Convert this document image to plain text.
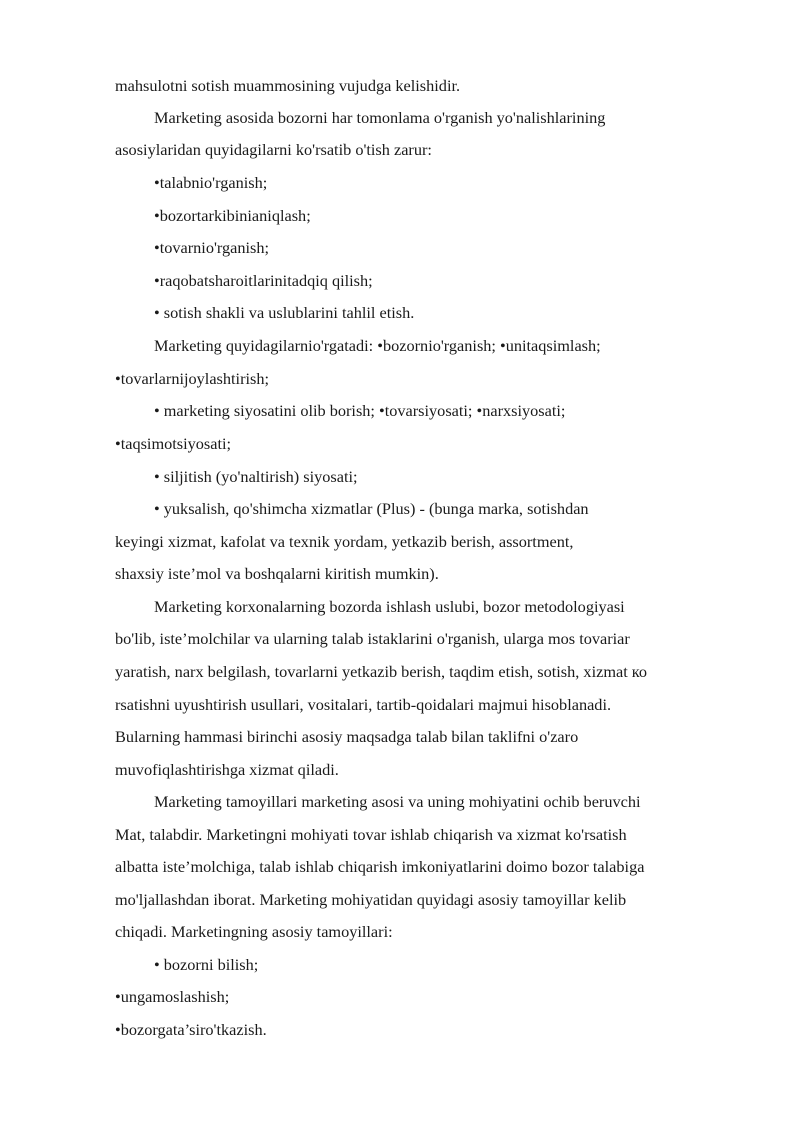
mahsulotni sotish muammosining vujudga kelishidir.
Marketing asosida bozorni har tomonlama o'rganish yo'nalishlarining
asosiylaridan quyidagilarni ko'rsatib o'tish zarur:
•talabnio'rganish;
•bozortarkibinianiqlash;
•tovarnio'rganish;
•raqobatsharoitlarinitadqiq qilish;
• sotish shakli va uslublarini tahlil etish.
Marketing quyidagilarnio'rgatadi: •bozornio'rganish; •unitaqsimlash;
•tovarlarnijoylashtirish;
• marketing siyosatini olib borish; •tovarsiyosati; •narxsiyosati;
•taqsimotsiyosati;
• siljitish (yo'naltirish) siyosati;
• yuksalish, qo'shimcha xizmatlar (Plus) - (bunga marka, sotishdan
keyingi xizmat, kafolat va texnik yordam, yetkazib berish, assortment,
shaxsiy iste’mol va boshqalarni kiritish mumkin).
Marketing korxonalarning bozorda ishlash uslubi, bozor metodologiyasi
bo'lib, iste’molchilar va ularning talab istaklarini o'rganish, ularga mos tovariar
yaratish, narx belgilash, tovarlarni yetkazib berish, taqdim etish, sotish, xizmat ко
rsatishni uyushtirish usullari, vositalari, tartib-qoidalari majmui hisoblanadi.
Bularning hammasi birinchi asosiy maqsadga talab bilan taklifni o'zaro
muvofiqlashtirishga xizmat qiladi.
Marketing tamoyillari marketing asosi va uning mohiyatini ochib beruvchi
Mat, talabdir. Marketingni mohiyati tovar ishlab chiqarish va xizmat ko'rsatish
albatta iste’molchiga, talab ishlab chiqarish imkoniyatlarini doimo bozor talabiga
mo'ljallashdan iborat. Marketing mohiyatidan quyidagi asosiy tamoyillar kelib
chiqadi. Marketingning asosiy tamoyillari:
• bozorni bilish;
•ungamoslashish;
•bozorgata’siro'tkazish.
